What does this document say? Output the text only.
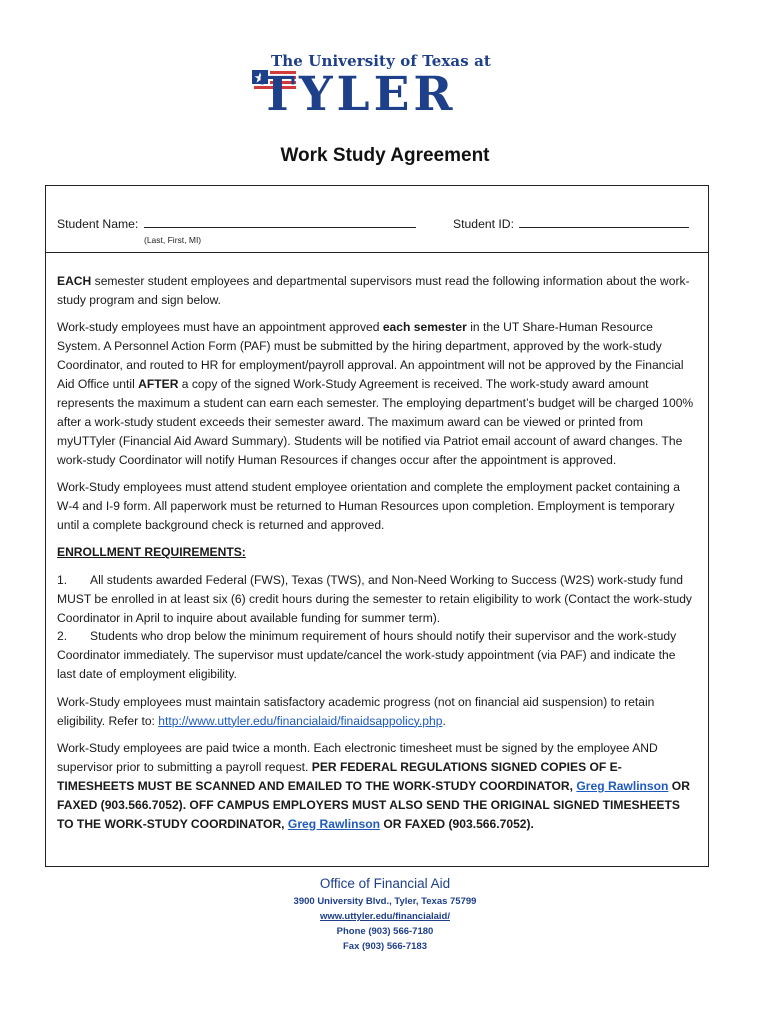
The University of Texas at
TYLER
Work Study Agreement
Student Name:
(Last, First, MI)
Student ID:

EACH semester student employees and departmental supervisors must read the following information about the work-study program and sign below.

Work-study employees must have an appointment approved each semester in the UT Share-Human Resource System. A Personnel Action Form (PAF) must be submitted by the hiring department, approved by the work-study Coordinator, and routed to HR for employment/payroll approval. An appointment will not be approved by the Financial Aid Office until AFTER a copy of the signed Work-Study Agreement is received. The work-study award amount represents the maximum a student can earn each semester. The employing department’s budget will be charged 100% after a work-study student exceeds their semester award. The maximum award can be viewed or printed from myUTTyler (Financial Aid Award Summary). Students will be notified via Patriot email account of award changes. The work-study Coordinator will notify Human Resources if changes occur after the appointment is approved.

Work-Study employees must attend student employee orientation and complete the employment packet containing a W-4 and I-9 form. All paperwork must be returned to Human Resources upon completion. Employment is temporary until a complete background check is returned and approved.

ENROLLMENT REQUIREMENTS:

1. All students awarded Federal (FWS), Texas (TWS), and Non-Need Working to Success (W2S) work-study fund MUST be enrolled in at least six (6) credit hours during the semester to retain eligibility to work (Contact the work-study Coordinator in April to inquire about available funding for summer term).

2. Students who drop below the minimum requirement of hours should notify their supervisor and the work-study Coordinator immediately. The supervisor must update/cancel the work-study appointment (via PAF) and indicate the last date of employment eligibility.

Work-Study employees must maintain satisfactory academic progress (not on financial aid suspension) to retain eligibility. Refer to: http://www.uttyler.edu/financialaid/finaidsappolicy.php.

Work-Study employees are paid twice a month. Each electronic timesheet must be signed by the employee AND supervisor prior to submitting a payroll request. PER FEDERAL REGULATIONS SIGNED COPIES OF E-TIMESHEETS MUST BE SCANNED AND EMAILED TO THE WORK-STUDY COORDINATOR, Greg Rawlinson OR FAXED (903.566.7052). OFF CAMPUS EMPLOYERS MUST ALSO SEND THE ORIGINAL SIGNED TIMESHEETS TO THE WORK-STUDY COORDINATOR, Greg Rawlinson OR FAXED (903.566.7052).

Office of Financial Aid
3900 University Blvd., Tyler, Texas 75799
www.uttyler.edu/financialaid/
Phone (903) 566-7180
Fax (903) 566-7183
